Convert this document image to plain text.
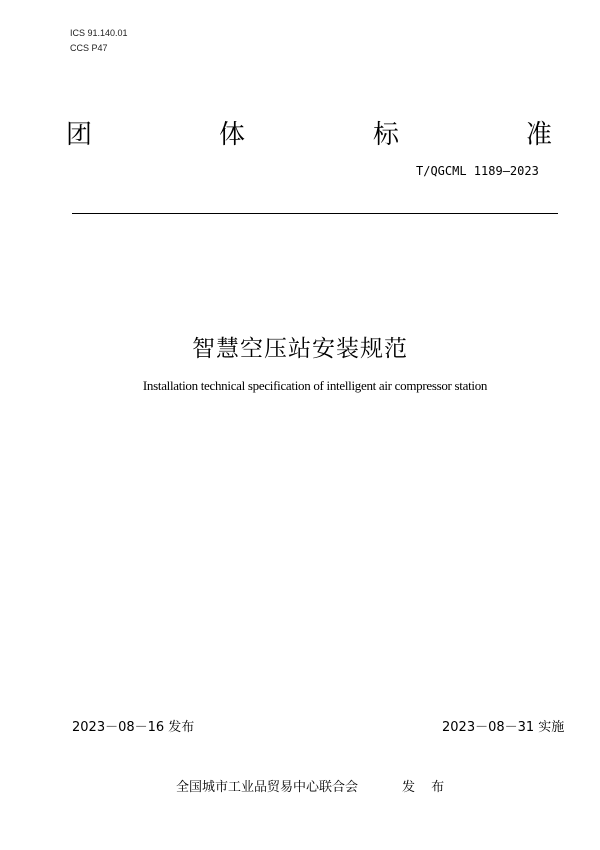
ICS 91.140.01
CCS P47
团	体	标	准
T/QGCML 1189—2023
智慧空压站安装规范
Installation technical specification of intelligent air compressor station
2023－08－16 发布	2023－08－31 实施
全国城市工业品贸易中心联合会	发 布
